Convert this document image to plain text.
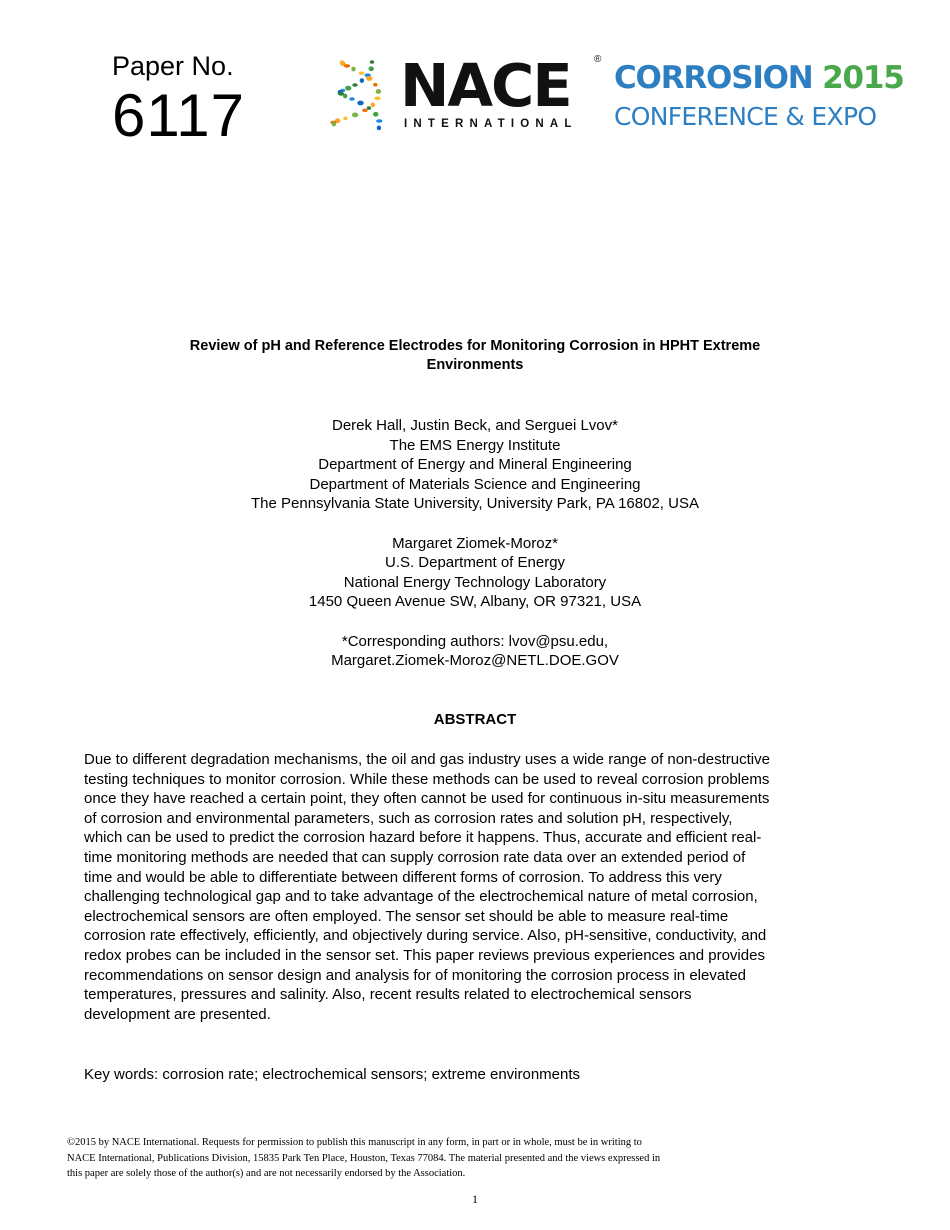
Paper No.
6117	NACE ®
INTERNATIONAL
CORROSION 2015
CONFERENCE & EXPO
Review of pH and Reference Electrodes for Monitoring Corrosion in HPHT Extreme
Environments
Derek Hall, Justin Beck, and Serguei Lvov*
The EMS Energy Institute
Department of Energy and Mineral Engineering
Department of Materials Science and Engineering
The Pennsylvania State University, University Park, PA 16802, USA
Margaret Ziomek-Moroz*
U.S. Department of Energy
National Energy Technology Laboratory
1450 Queen Avenue SW, Albany, OR 97321, USA
*Corresponding authors: lvov@psu.edu,
Margaret.Ziomek-Moroz@NETL.DOE.GOV
ABSTRACT
Due to different degradation mechanisms, the oil and gas industry uses a wide range of non-destructive
testing techniques to monitor corrosion. While these methods can be used to reveal corrosion problems
once they have reached a certain point, they often cannot be used for continuous in-situ measurements
of corrosion and environmental parameters, such as corrosion rates and solution pH, respectively,
which can be used to predict the corrosion hazard before it happens. Thus, accurate and efficient real-
time monitoring methods are needed that can supply corrosion rate data over an extended period of
time and would be able to differentiate between different forms of corrosion. To address this very
challenging technological gap and to take advantage of the electrochemical nature of metal corrosion,
electrochemical sensors are often employed. The sensor set should be able to measure real-time
corrosion rate effectively, efficiently, and objectively during service. Also, pH-sensitive, conductivity, and
redox probes can be included in the sensor set. This paper reviews previous experiences and provides
recommendations on sensor design and analysis for of monitoring the corrosion process in elevated
temperatures, pressures and salinity. Also, recent results related to electrochemical sensors
development are presented.
Key words: corrosion rate; electrochemical sensors; extreme environments
©2015 by NACE International. Requests for permission to publish this manuscript in any form, in part or in whole, must be in writing to
NACE International, Publications Division, 15835 Park Ten Place, Houston, Texas 77084. The material presented and the views expressed in
this paper are solely those of the author(s) and are not necessarily endorsed by the Association.
1
